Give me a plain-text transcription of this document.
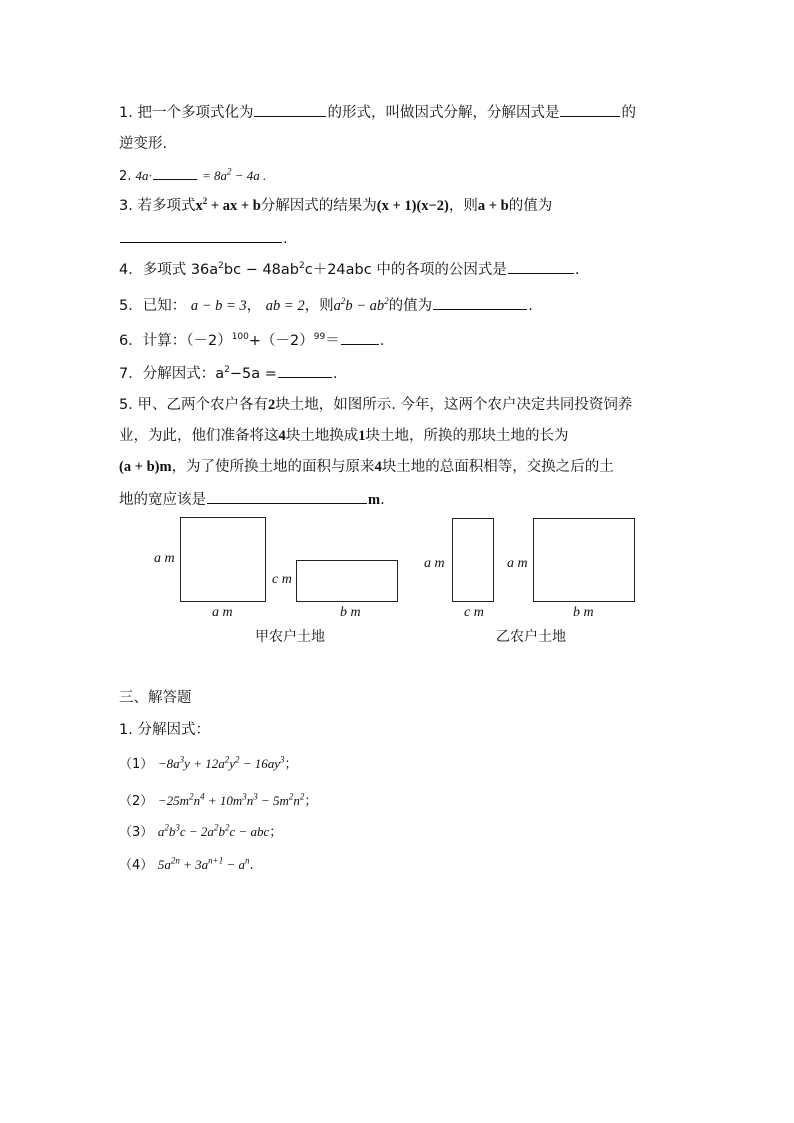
1. 把一个多项式化为	的形式，叫做因式分解，分解因式是	的
逆变形.
2. 4a·	= $8a^2 - 4a$ .
3. 若多项式$x^2$ + ax + b分解因式的结果为(x + 1)(x−2)，则a + b的值为
.
4．多项式 $36a^2bc - 48ab^2c+24abc$ 中的各项的公因式是	.
5．已知： a − b = 3， ab = 2，则$a^2b - ab^2$的值为	.
6．计算：$(-2)^{100}+(-2)^{99}=$	.
7．分解因式：$a^2-5a$ =	.
5. 甲、乙两个农户各有2块土地，如图所示. 今年，这两个农户决定共同投资饲养
业，为此，他们准备将这4块土地换成1块土地，所换的那块土地的长为
(a + b)m，为了使所换土地的面积与原来4块土地的总面积相等，交换之后的土
地的宽应该是	m.
a m
a m
c m
b m
甲农户土地
a m
c m
a m
b m
乙农户土地
三、解答题
1. 分解因式：
$(1) -8a^3y + 12a^2y^2 - 16ay^3$；
$(2) -25m^2n^4 + 10m^3n^3 - 5m^2n^2$；
（3） $a^2b^3c - 2a^2b^2c$ − abc；
（4） $5a^{2n} + 3a^{n+1} - a^n$.
